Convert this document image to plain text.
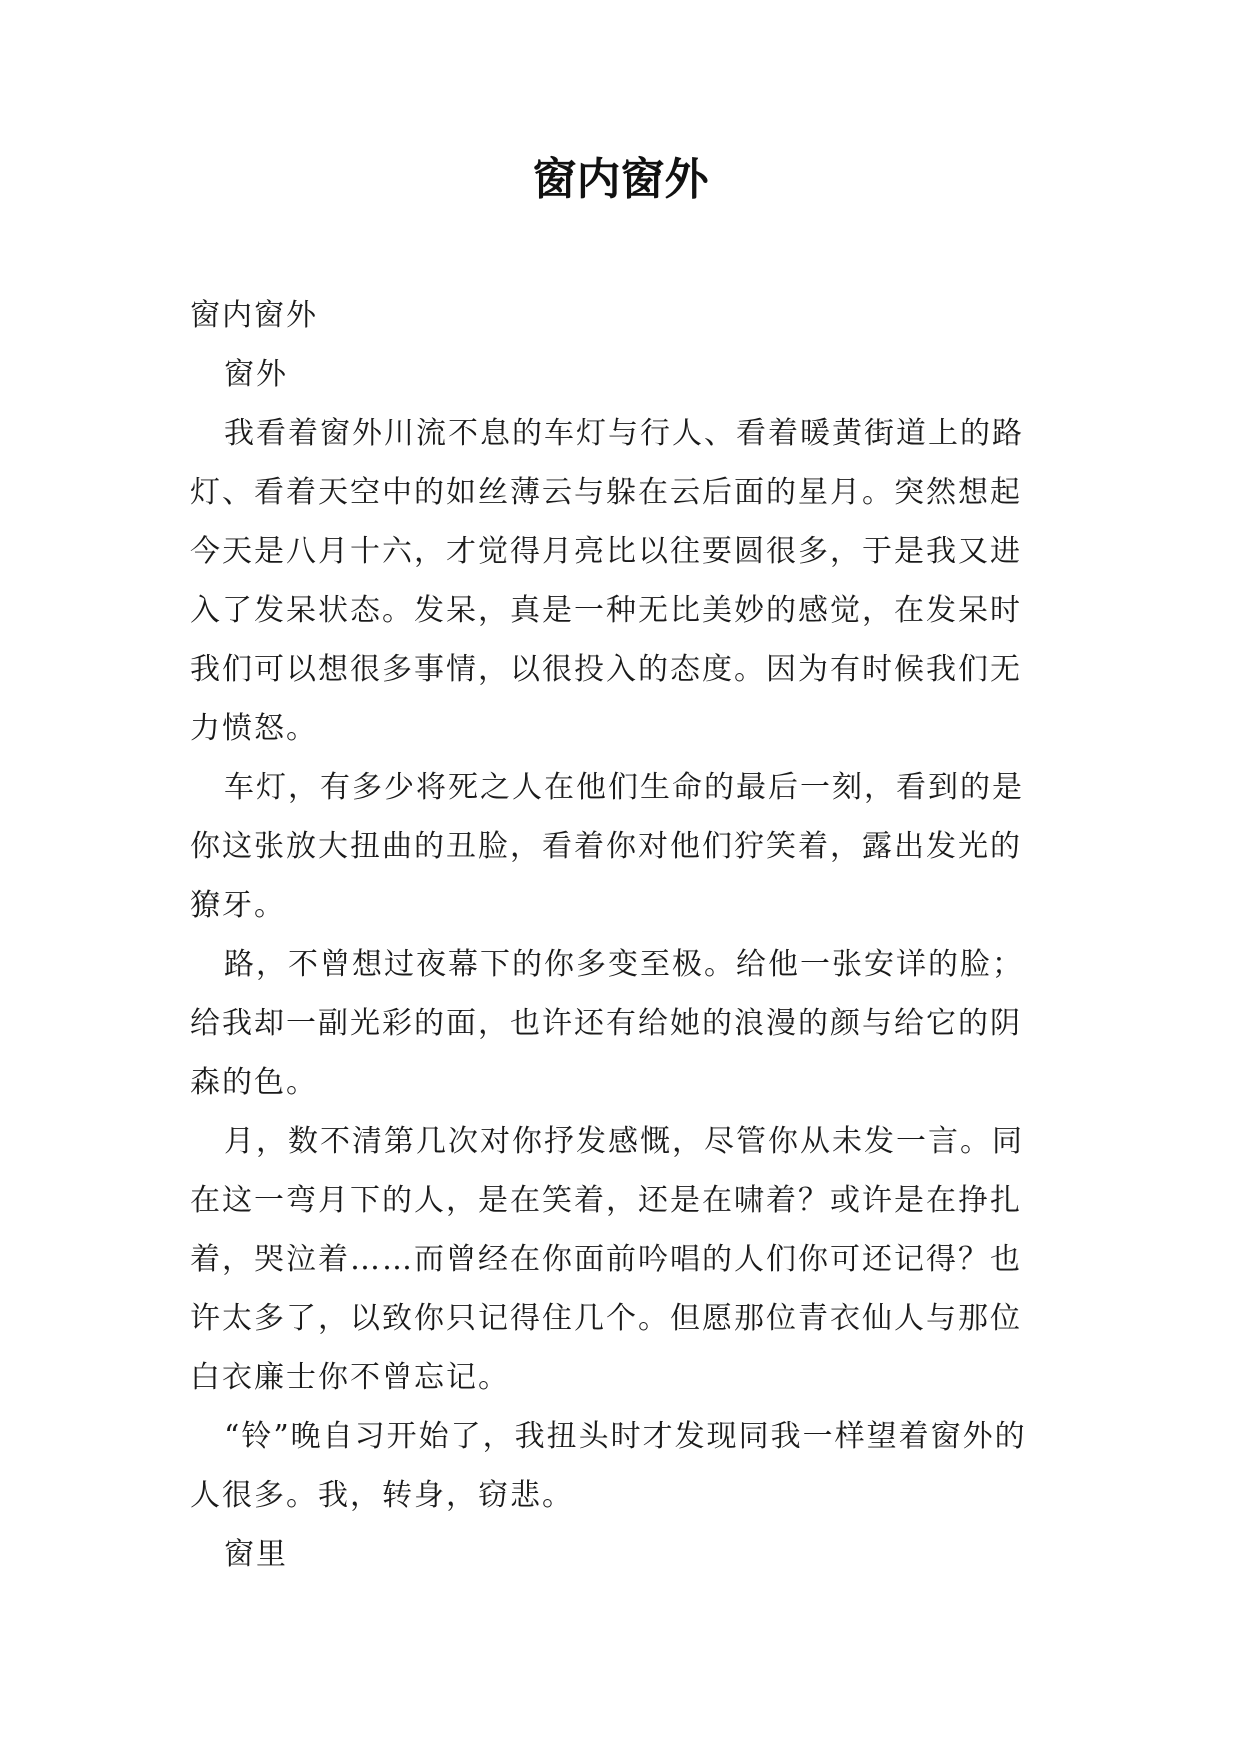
窗内窗外

窗内窗外

窗外

我看着窗外川流不息的车灯与行人、看着暖黄街道上的路灯、看着天空中的如丝薄云与躲在云后面的星月。突然想起今天是八月十六，才觉得月亮比以往要圆很多，于是我又进入了发呆状态。发呆，真是一种无比美妙的感觉，在发呆时我们可以想很多事情，以很投入的态度。因为有时候我们无力愤怒。

车灯，有多少将死之人在他们生命的最后一刻，看到的是你这张放大扭曲的丑脸，看着你对他们狞笑着，露出发光的獠牙。

路，不曾想过夜幕下的你多变至极。给他一张安详的脸；给我却一副光彩的面，也许还有给她的浪漫的颜与给它的阴森的色。

月，数不清第几次对你抒发感慨，尽管你从未发一言。同在这一弯月下的人，是在笑着，还是在啸着？或许是在挣扎着，哭泣着……而曾经在你面前吟唱的人们你可还记得？也许太多了，以致你只记得住几个。但愿那位青衣仙人与那位白衣廉士你不曾忘记。

“铃”晚自习开始了，我扭头时才发现同我一样望着窗外的人很多。我，转身，窃悲。

窗里
